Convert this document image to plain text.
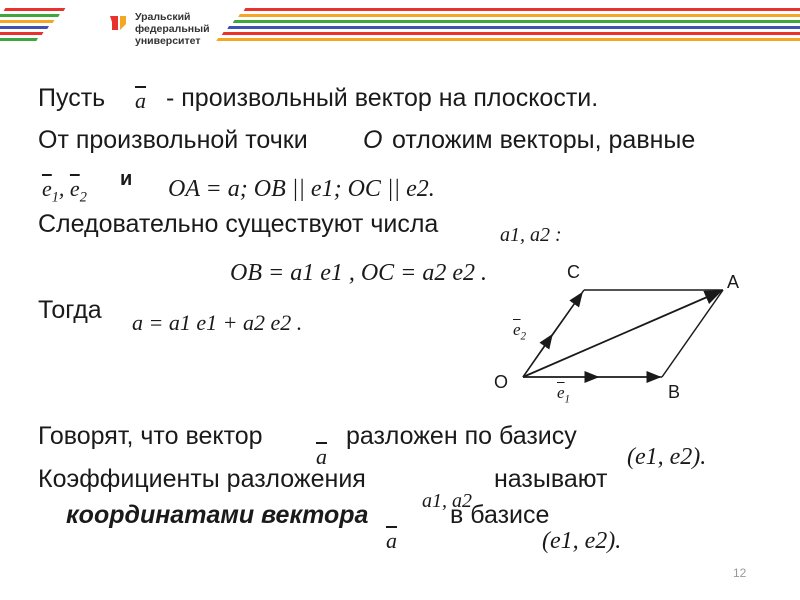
Уральский
федеральный
университет
Пусть $\overline{a}$ - произвольный вектор на плоскости.
От произвольной точки O отложим векторы, равные
$\overline{e}_1$, $\overline{e}_2$
и OA = a; OB || e1; OC || e2.
Следовательно существуют числа	a1, a2 :
OB = a1 e1 , OC = a2 e2 .
Тогда a = a1 e1 + a2 e2 .
O
A
B
C
$\overline{e}_1$
$\overline{e}_2$
Говорят, что вектор
$\overline{a}$
разложен по базису
(e1, e2).
Коэффициенты разложения	называют
координатами вектора	a1, a2
в базисе
$\overline{a}$	(e1, e2).
12
